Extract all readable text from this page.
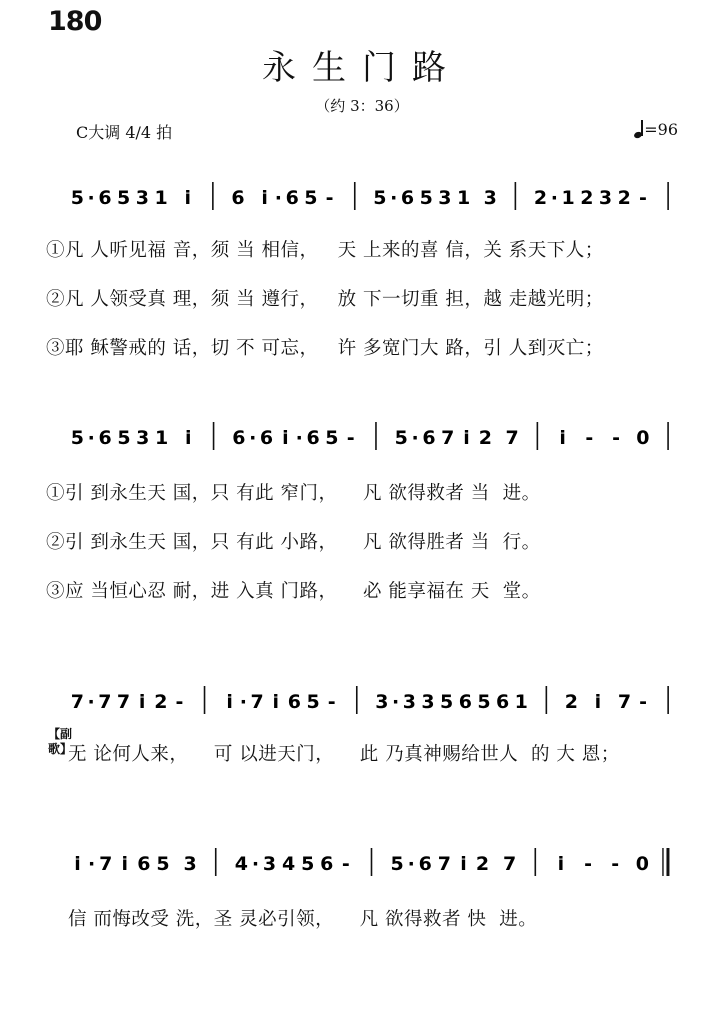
180
永生门路
（约 3：36）
C大调 4/4 拍	=96
5 · 6 5 3 1 i 6 i · 6 5 - 5 · 6 5 3 1 3 2 · 1 2 3 2 -
①凡 人听见福 音，须 当 相信，   天 上来的喜 信，关 系天下人；
②凡 人领受真 理，须 当 遵行，   放 下一切重 担，越 走越光明；
③耶 稣警戒的 话，切 不 可忘，   许 多宽门大 路，引 人到灭亡；
5 · 6 5 3 1 i 6 · 6 i · 6 5 - 5 · 6 7 i 2 7 i - - 0
①引 到永生天 国，只 有此 窄门，    凡 欲得救者 当  进。
②引 到永生天 国，只 有此 小路，    凡 欲得胜者 当  行。
③应 当恒心忍 耐，进 入真 门路，    必 能享福在 天  堂。
7 · 7 7 i 2 - i · 7 i 6 5 - 3 · 3 3 5 6 5 6 1 2 i 7 -
【副歌】
无 论何人来，    可 以进天门，    此 乃真神赐给世人  的 大 恩；
i · 7 i 6 5 3 4 · 3 4 5 6 - 5 · 6 7 i 2 7 i - - 0
信 而悔改受 洗，圣 灵必引领，    凡 欲得救者 快  进。
